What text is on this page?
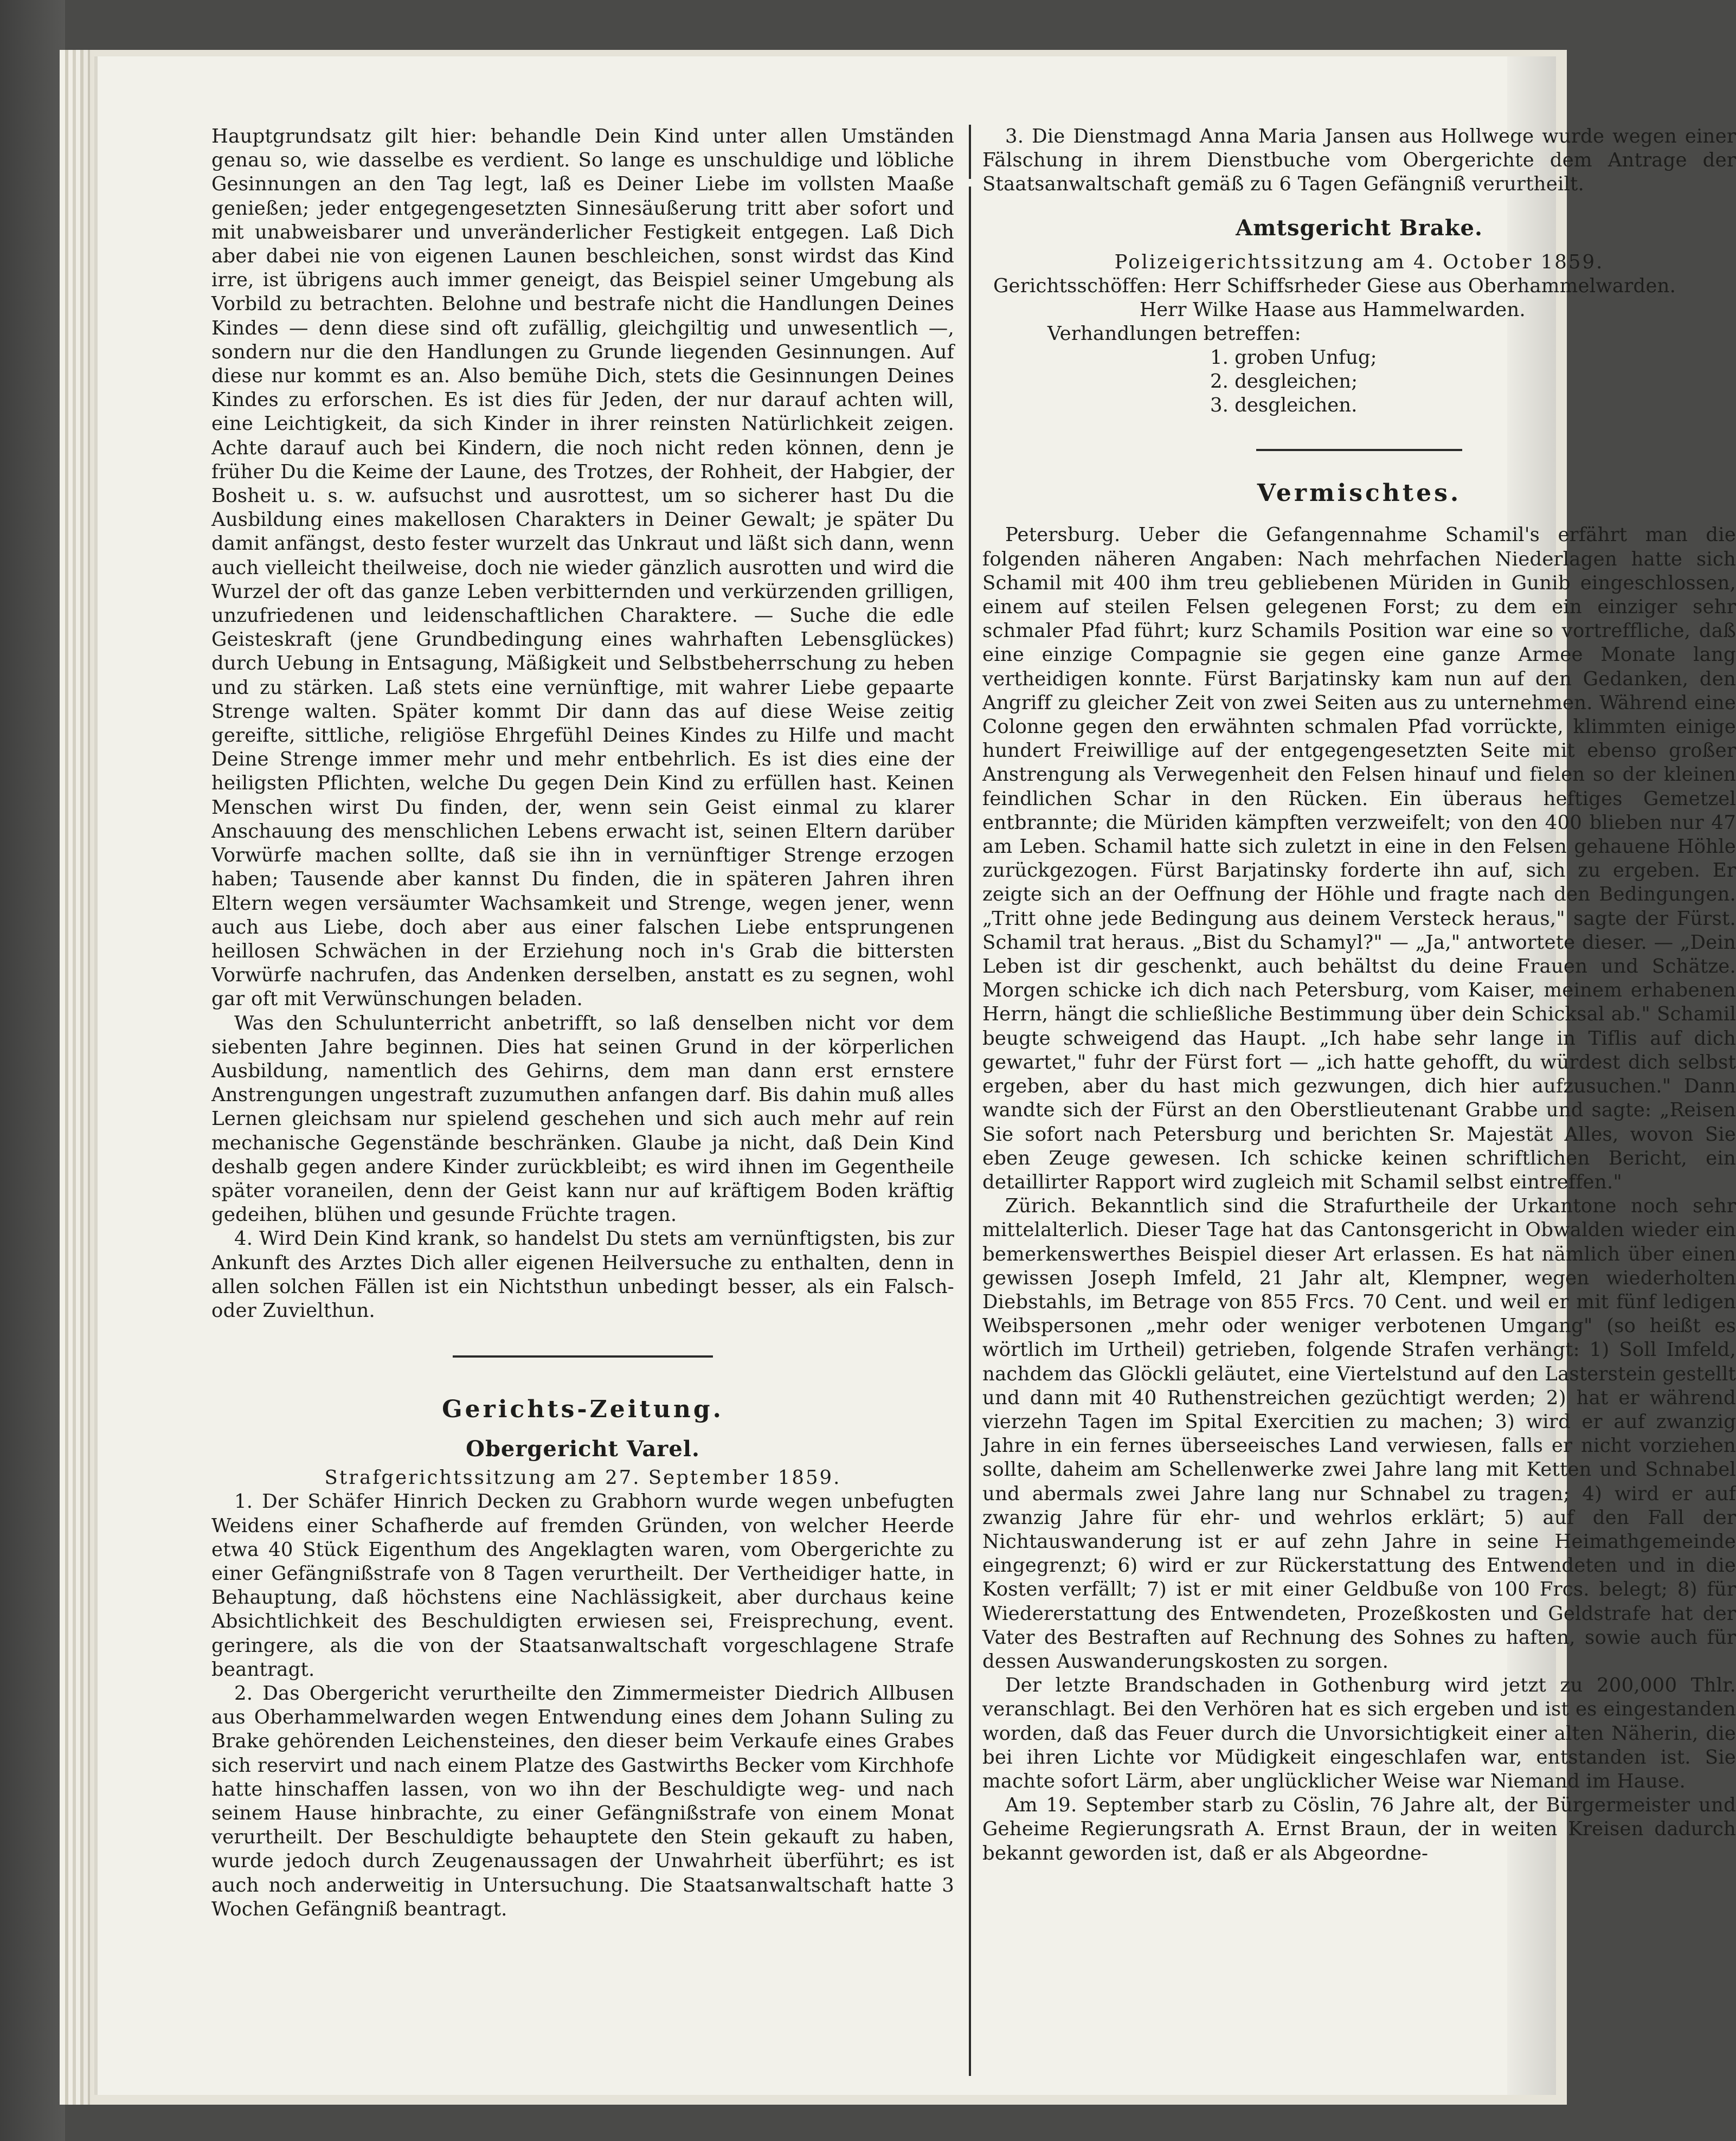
Hauptgrundsatz gilt hier: behandle Dein Kind unter allen Umständen genau so, wie dasselbe es verdient. So lange es unschuldige und löbliche Gesinnungen an den Tag legt, laß es Deiner Liebe im vollsten Maaße genießen; jeder entgegengesetzten Sinnesäußerung tritt aber sofort und mit unabweisbarer und unveränderlicher Festigkeit entgegen. Laß Dich aber dabei nie von eigenen Launen beschleichen, sonst wirdst das Kind irre, ist übrigens auch immer geneigt, das Beispiel seiner Umgebung als Vorbild zu betrachten. Belohne und bestrafe nicht die Handlungen Deines Kindes — denn diese sind oft zufällig, gleichgiltig und unwesentlich —, sondern nur die den Handlungen zu Grunde liegenden Gesinnungen. Auf diese nur kommt es an. Also bemühe Dich, stets die Gesinnungen Deines Kindes zu erforschen. Es ist dies für Jeden, der nur darauf achten will, eine Leichtigkeit, da sich Kinder in ihrer reinsten Natürlichkeit zeigen. Achte darauf auch bei Kindern, die noch nicht reden können, denn je früher Du die Keime der Laune, des Trotzes, der Rohheit, der Habgier, der Bosheit u. s. w. aufsuchst und ausrottest, um so sicherer hast Du die Ausbildung eines makellosen Charakters in Deiner Gewalt; je später Du damit anfängst, desto fester wurzelt das Unkraut und läßt sich dann, wenn auch vielleicht theilweise, doch nie wieder gänzlich ausrotten und wird die Wurzel der oft das ganze Leben verbitternden und verkürzenden grilligen, unzufriedenen und leidenschaftlichen Charaktere. — Suche die edle Geisteskraft (jene Grundbedingung eines wahrhaften Lebensglückes) durch Uebung in Entsagung, Mäßigkeit und Selbstbeherrschung zu heben und zu stärken. Laß stets eine vernünftige, mit wahrer Liebe gepaarte Strenge walten. Später kommt Dir dann das auf diese Weise zeitig gereifte, sittliche, religiöse Ehrgefühl Deines Kindes zu Hilfe und macht Deine Strenge immer mehr und mehr entbehrlich. Es ist dies eine der heiligsten Pflichten, welche Du gegen Dein Kind zu erfüllen hast. Keinen Menschen wirst Du finden, der, wenn sein Geist einmal zu klarer Anschauung des menschlichen Lebens erwacht ist, seinen Eltern darüber Vorwürfe machen sollte, daß sie ihn in vernünftiger Strenge erzogen haben; Tausende aber kannst Du finden, die in späteren Jahren ihren Eltern wegen versäumter Wachsamkeit und Strenge, wegen jener, wenn auch aus Liebe, doch aber aus einer falschen Liebe entsprungenen heillosen Schwächen in der Erziehung noch in's Grab die bittersten Vorwürfe nachrufen, das Andenken derselben, anstatt es zu segnen, wohl gar oft mit Verwünschungen beladen.

Was den Schulunterricht anbetrifft, so laß denselben nicht vor dem siebenten Jahre beginnen. Dies hat seinen Grund in der körperlichen Ausbildung, namentlich des Gehirns, dem man dann erst ernstere Anstrengungen ungestraft zuzumuthen anfangen darf. Bis dahin muß alles Lernen gleichsam nur spielend geschehen und sich auch mehr auf rein mechanische Gegenstände beschränken. Glaube ja nicht, daß Dein Kind deshalb gegen andere Kinder zurückbleibt; es wird ihnen im Gegentheile später voraneilen, denn der Geist kann nur auf kräftigem Boden kräftig gedeihen, blühen und gesunde Früchte tragen.

4. Wird Dein Kind krank, so handelst Du stets am vernünftigsten, bis zur Ankunft des Arztes Dich aller eigenen Heilversuche zu enthalten, denn in allen solchen Fällen ist ein Nichtsthun unbedingt besser, als ein Falsch- oder Zuvielthun.

Gerichts-Zeitung.

Obergericht Varel.

Strafgerichtssitzung am 27. September 1859.

1. Der Schäfer Hinrich Decken zu Grabhorn wurde wegen unbefugten Weidens einer Schafherde auf fremden Gründen, von welcher Heerde etwa 40 Stück Eigenthum des Angeklagten waren, vom Obergerichte zu einer Gefängnißstrafe von 8 Tagen verurtheilt. Der Vertheidiger hatte, in Behauptung, daß höchstens eine Nachlässigkeit, aber durchaus keine Absichtlichkeit des Beschuldigten erwiesen sei, Freisprechung, event. geringere, als die von der Staatsanwaltschaft vorgeschlagene Strafe beantragt.

2. Das Obergericht verurtheilte den Zimmermeister Diedrich Allbusen aus Oberhammelwarden wegen Entwendung eines dem Johann Suling zu Brake gehörenden Leichensteines, den dieser beim Verkaufe eines Grabes sich reservirt und nach einem Platze des Gastwirths Becker vom Kirchhofe hatte hinschaffen lassen, von wo ihn der Beschuldigte weg- und nach seinem Hause hinbrachte, zu einer Gefängnißstrafe von einem Monat verurtheilt. Der Beschuldigte behauptete den Stein gekauft zu haben, wurde jedoch durch Zeugenaussagen der Unwahrheit überführt; es ist auch noch anderweitig in Untersuchung. Die Staatsanwaltschaft hatte 3 Wochen Gefängniß beantragt.

3. Die Dienstmagd Anna Maria Jansen aus Hollwege wurde wegen einer Fälschung in ihrem Dienstbuche vom Obergerichte dem Antrage der Staatsanwaltschaft gemäß zu 6 Tagen Gefängniß verurtheilt.

Amtsgericht Brake.

Polizeigerichtssitzung am 4. October 1859.

Gerichtsschöffen: Herr Schiffsrheder Giese aus Oberhammelwarden.

Herr Wilke Haase aus Hammelwarden.

Verhandlungen betreffen:

1. groben Unfug;

2. desgleichen;

3. desgleichen.

Vermischtes.

Petersburg. Ueber die Gefangennahme Schamil's erfährt man die folgenden näheren Angaben: Nach mehrfachen Niederlagen hatte sich Schamil mit 400 ihm treu gebliebenen Müriden in Gunib eingeschlossen, einem auf steilen Felsen gelegenen Forst; zu dem ein einziger sehr schmaler Pfad führt; kurz Schamils Position war eine so vortreffliche, daß eine einzige Compagnie sie gegen eine ganze Armee Monate lang vertheidigen konnte. Fürst Barjatinsky kam nun auf den Gedanken, den Angriff zu gleicher Zeit von zwei Seiten aus zu unternehmen. Während eine Colonne gegen den erwähnten schmalen Pfad vorrückte, klimmten einige hundert Freiwillige auf der entgegengesetzten Seite mit ebenso großer Anstrengung als Verwegenheit den Felsen hinauf und fielen so der kleinen feindlichen Schar in den Rücken. Ein überaus heftiges Gemetzel entbrannte; die Müriden kämpften verzweifelt; von den 400 blieben nur 47 am Leben. Schamil hatte sich zuletzt in eine in den Felsen gehauene Höhle zurückgezogen. Fürst Barjatinsky forderte ihn auf, sich zu ergeben. Er zeigte sich an der Oeffnung der Höhle und fragte nach den Bedingungen. „Tritt ohne jede Bedingung aus deinem Versteck heraus," sagte der Fürst. Schamil trat heraus. „Bist du Schamyl?" — „Ja," antwortete dieser. — „Dein Leben ist dir geschenkt, auch behältst du deine Frauen und Schätze. Morgen schicke ich dich nach Petersburg, vom Kaiser, meinem erhabenen Herrn, hängt die schließliche Bestimmung über dein Schicksal ab." Schamil beugte schweigend das Haupt. „Ich habe sehr lange in Tiflis auf dich gewartet," fuhr der Fürst fort — „ich hatte gehofft, du würdest dich selbst ergeben, aber du hast mich gezwungen, dich hier aufzusuchen." Dann wandte sich der Fürst an den Oberstlieutenant Grabbe und sagte: „Reisen Sie sofort nach Petersburg und berichten Sr. Majestät Alles, wovon Sie eben Zeuge gewesen. Ich schicke keinen schriftlichen Bericht, ein detaillirter Rapport wird zugleich mit Schamil selbst eintreffen."

Zürich. Bekanntlich sind die Strafurtheile der Urkantone noch sehr mittelalterlich. Dieser Tage hat das Cantonsgericht in Obwalden wieder ein bemerkenswerthes Beispiel dieser Art erlassen. Es hat nämlich über einen gewissen Joseph Imfeld, 21 Jahr alt, Klempner, wegen wiederholten Diebstahls, im Betrage von 855 Frcs. 70 Cent. und weil er mit fünf ledigen Weibspersonen „mehr oder weniger verbotenen Umgang" (so heißt es wörtlich im Urtheil) getrieben, folgende Strafen verhängt: 1) Soll Imfeld, nachdem das Glöckli geläutet, eine Viertelstund auf den Lasterstein gestellt und dann mit 40 Ruthenstreichen gezüchtigt werden; 2) hat er während vierzehn Tagen im Spital Exercitien zu machen; 3) wird er auf zwanzig Jahre in ein fernes überseeisches Land verwiesen, falls er nicht vorziehen sollte, daheim am Schellenwerke zwei Jahre lang mit Ketten und Schnabel und abermals zwei Jahre lang nur Schnabel zu tragen; 4) wird er auf zwanzig Jahre für ehr- und wehrlos erklärt; 5) auf den Fall der Nichtauswanderung ist er auf zehn Jahre in seine Heimathgemeinde eingegrenzt; 6) wird er zur Rückerstattung des Entwendeten und in die Kosten verfällt; 7) ist er mit einer Geldbuße von 100 Frcs. belegt; 8) für Wiedererstattung des Entwendeten, Prozeßkosten und Geldstrafe hat der Vater des Bestraften auf Rechnung des Sohnes zu haften, sowie auch für dessen Auswanderungskosten zu sorgen.

Der letzte Brandschaden in Gothenburg wird jetzt zu 200,000 Thlr. veranschlagt. Bei den Verhören hat es sich ergeben und ist es eingestanden worden, daß das Feuer durch die Unvorsichtigkeit einer alten Näherin, die bei ihren Lichte vor Müdigkeit eingeschlafen war, entstanden ist. Sie machte sofort Lärm, aber unglücklicher Weise war Niemand im Hause.

Am 19. September starb zu Cöslin, 76 Jahre alt, der Bürgermeister und Geheime Regierungsrath A. Ernst Braun, der in weiten Kreisen dadurch bekannt geworden ist, daß er als Abgeordne-
